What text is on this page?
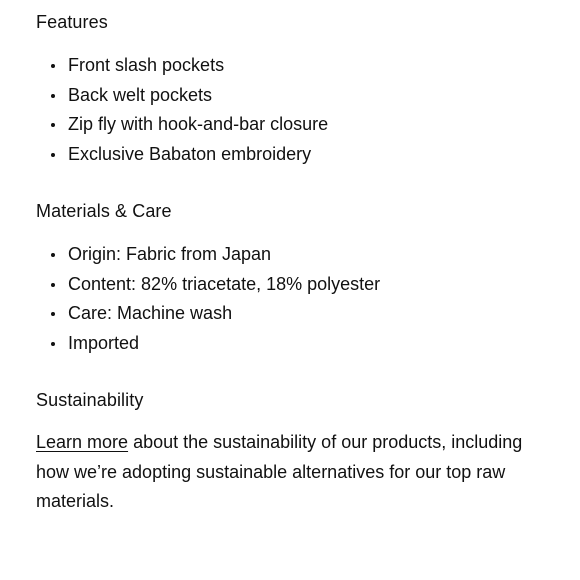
Features
Front slash pockets
Back welt pockets
Zip fly with hook-and-bar closure
Exclusive Babaton embroidery
Materials & Care
Origin: Fabric from Japan
Content: 82% triacetate, 18% polyester
Care: Machine wash
Imported
Sustainability

Learn more about the sustainability of our products, including how we’re adopting sustainable alternatives for our top raw materials.
